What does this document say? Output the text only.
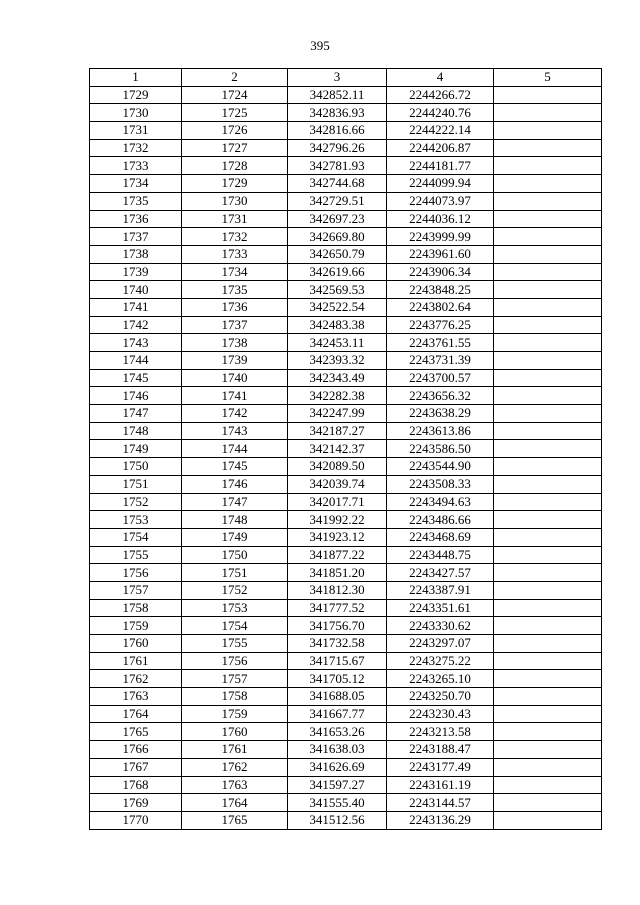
395
1	2	3	4	5
1729	1724	342852.11	2244266.72	
1730	1725	342836.93	2244240.76	
1731	1726	342816.66	2244222.14	
1732	1727	342796.26	2244206.87	
1733	1728	342781.93	2244181.77	
1734	1729	342744.68	2244099.94	
1735	1730	342729.51	2244073.97	
1736	1731	342697.23	2244036.12	
1737	1732	342669.80	2243999.99	
1738	1733	342650.79	2243961.60	
1739	1734	342619.66	2243906.34	
1740	1735	342569.53	2243848.25	
1741	1736	342522.54	2243802.64	
1742	1737	342483.38	2243776.25	
1743	1738	342453.11	2243761.55	
1744	1739	342393.32	2243731.39	
1745	1740	342343.49	2243700.57	
1746	1741	342282.38	2243656.32	
1747	1742	342247.99	2243638.29	
1748	1743	342187.27	2243613.86	
1749	1744	342142.37	2243586.50	
1750	1745	342089.50	2243544.90	
1751	1746	342039.74	2243508.33	
1752	1747	342017.71	2243494.63	
1753	1748	341992.22	2243486.66	
1754	1749	341923.12	2243468.69	
1755	1750	341877.22	2243448.75	
1756	1751	341851.20	2243427.57	
1757	1752	341812.30	2243387.91	
1758	1753	341777.52	2243351.61	
1759	1754	341756.70	2243330.62	
1760	1755	341732.58	2243297.07	
1761	1756	341715.67	2243275.22	
1762	1757	341705.12	2243265.10	
1763	1758	341688.05	2243250.70	
1764	1759	341667.77	2243230.43	
1765	1760	341653.26	2243213.58	
1766	1761	341638.03	2243188.47	
1767	1762	341626.69	2243177.49	
1768	1763	341597.27	2243161.19	
1769	1764	341555.40	2243144.57	
1770	1765	341512.56	2243136.29	
